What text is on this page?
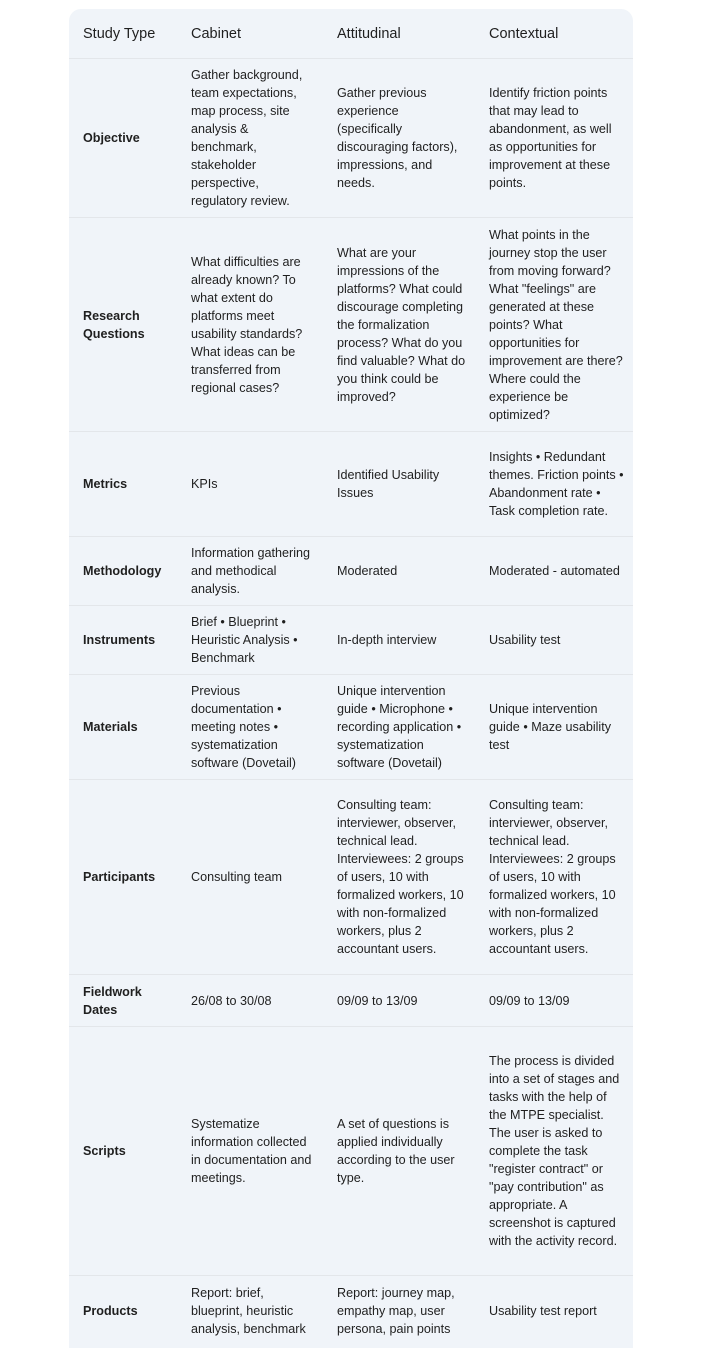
Study Type	Cabinet	Attitudinal	Contextual
Objective	Gather background, team expectations, map process, site analysis & benchmark, stakeholder perspective, regulatory review.	Gather previous experience (specifically discouraging factors), impressions, and needs.	Identify friction points that may lead to abandonment, as well as opportunities for improvement at these points.

Research Questions	What difficulties are already known? To what extent do platforms meet usability standards? What ideas can be transferred from regional cases?	What are your impressions of the platforms? What could discourage completing the formalization process? What do you find valuable? What do you think could be improved?	What points in the journey stop the user from moving forward? What "feelings" are generated at these points? What opportunities for improvement are there? Where could the experience be optimized?

Metrics	KPIs	Identified Usability Issues	Insights • Redundant themes. Friction points • Abandonment rate • Task completion rate.

Methodology	Information gathering and methodical analysis.	Moderated	Moderated - automated

Instruments	Brief • Blueprint • Heuristic Analysis • Benchmark	In-depth interview	Usability test

Materials	Previous documentation • meeting notes • systematization software (Dovetail)	Unique intervention guide • Microphone • recording application • systematization software (Dovetail)	Unique intervention guide • Maze usability test

Participants	Consulting team	Consulting team: interviewer, observer, technical lead. Interviewees: 2 groups of users, 10 with formalized workers, 10 with non-formalized workers, plus 2 accountant users.	Consulting team: interviewer, observer, technical lead. Interviewees: 2 groups of users, 10 with formalized workers, 10 with non-formalized workers, plus 2 accountant users.

Fieldwork Dates	26/08 to 30/08	09/09 to 13/09	09/09 to 13/09

Scripts	Systematize information collected in documentation and meetings.	A set of questions is applied individually according to the user type.	The process is divided into a set of stages and tasks with the help of the MTPE specialist. The user is asked to complete the task "register contract" or "pay contribution" as appropriate. A screenshot is captured with the activity record.

Products	Report: brief, blueprint, heuristic analysis, benchmark	Report: journey map, empathy map, user persona, pain points	Usability test report
